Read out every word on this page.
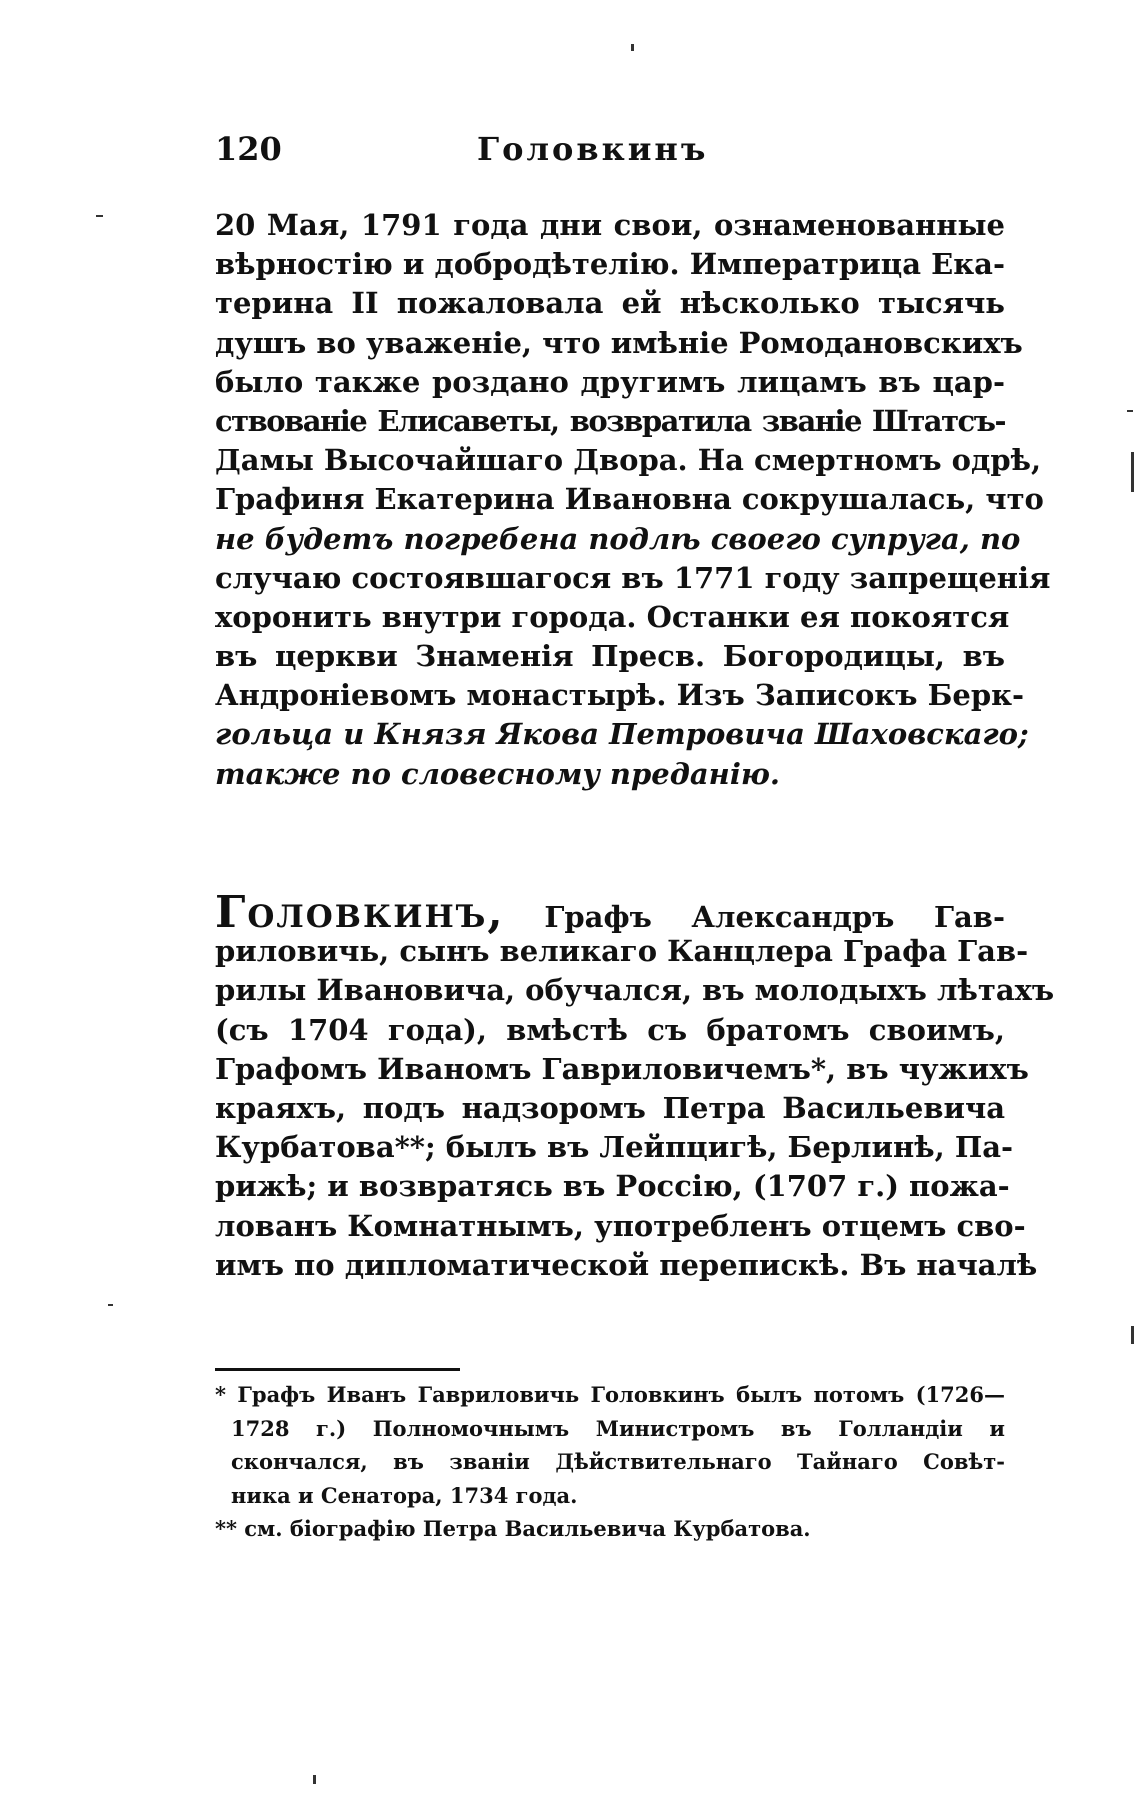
120	Головкинъ
20 Мая, 1791 года дни свои, ознаменованные
вѣрностію и добродѣтелію. Императрица Ека-
терина II пожаловала ей нѣсколько тысячь
душъ во уваженіе, что имѣніе Ромодановскихъ
было также роздано другимъ лицамъ въ цар-
ствованіе Елисаветы, возвратила званіе Штатсъ-
Дамы Высочайшаго Двора. На смертномъ одрѣ,
Графиня Екатерина Ивановна сокрушалась, что
не будетъ погребена подлѣ своего супруга, по
случаю состоявшагося въ 1771 году запрещенія
хоронить внутри города. Останки ея покоятся
въ церкви Знаменія Пресв. Богородицы, въ
Андроніевомъ монастырѣ. Изъ Записокъ Берк-
гольца и Князя Якова Петровича Шаховскаго;
также по словесному преданію.
Головкинъ, Графъ Александръ Гав-
риловичь, сынъ великаго Канцлера Графа Гав-
рилы Ивановича, обучался, въ молодыхъ лѣтахъ
(съ 1704 года), вмѣстѣ съ братомъ своимъ,
Графомъ Иваномъ Гавриловичемъ*, въ чужихъ
краяхъ, подъ надзоромъ Петра Васильевича
Курбатова**; былъ въ Лейпцигѣ, Берлинѣ, Па-
рижѣ; и возвратясь въ Россію, (1707 г.) пожа-
лованъ Комнатнымъ, употребленъ отцемъ сво-
имъ по дипломатической перепискѣ. Въ началѣ
* Графъ Иванъ Гавриловичь Головкинъ былъ потомъ (1726—
1728 г.) Полномочнымъ Министромъ въ Голландіи и
скончался, въ званіи Дѣйствительнаго Тайнаго Совѣт-
ника и Сенатора, 1734 года.
** см. біографію Петра Васильевича Курбатова.
